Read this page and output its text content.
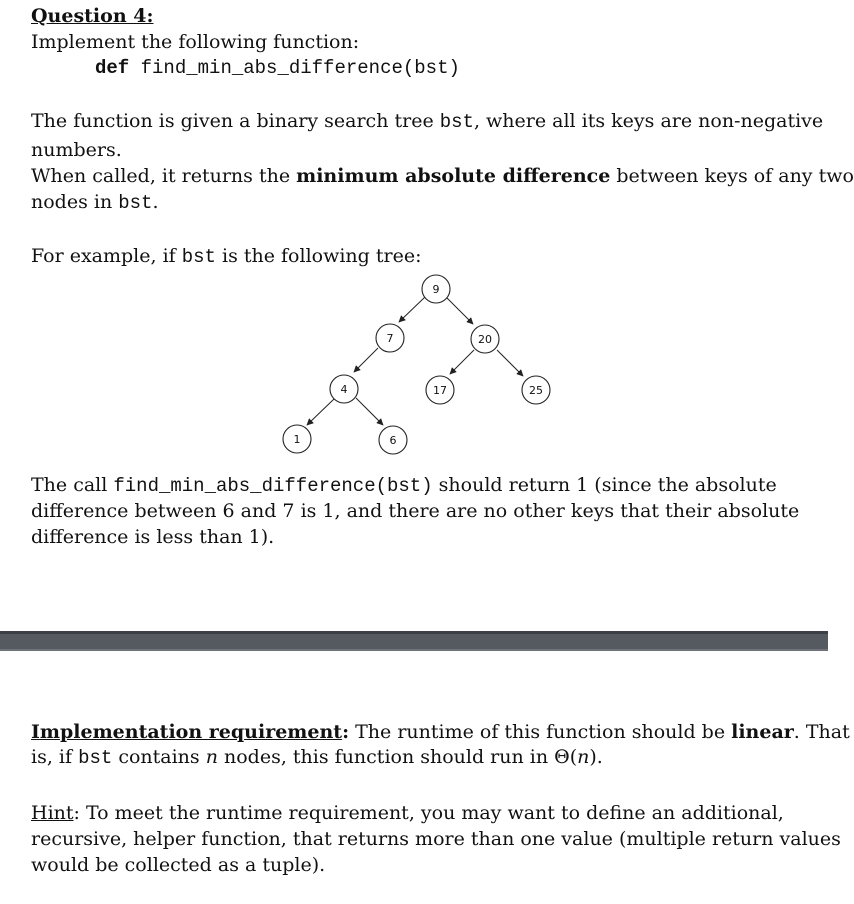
Question 4:
Implement the following function:
def find_min_abs_difference(bst)
The function is given a binary search tree bst, where all its keys are non-negative
numbers.
When called, it returns the minimum absolute difference between keys of any two
nodes in bst.
For example, if bst is the following tree:
9
7	20
4	17	25
1	6
The call find_min_abs_difference(bst) should return 1 (since the absolute
difference between 6 and 7 is 1, and there are no other keys that their absolute
difference is less than 1).
Implementation requirement: The runtime of this function should be linear. That
is, if bst contains n nodes, this function should run in Θ(n).
Hint: To meet the runtime requirement, you may want to define an additional,
recursive, helper function, that returns more than one value (multiple return values
would be collected as a tuple).
